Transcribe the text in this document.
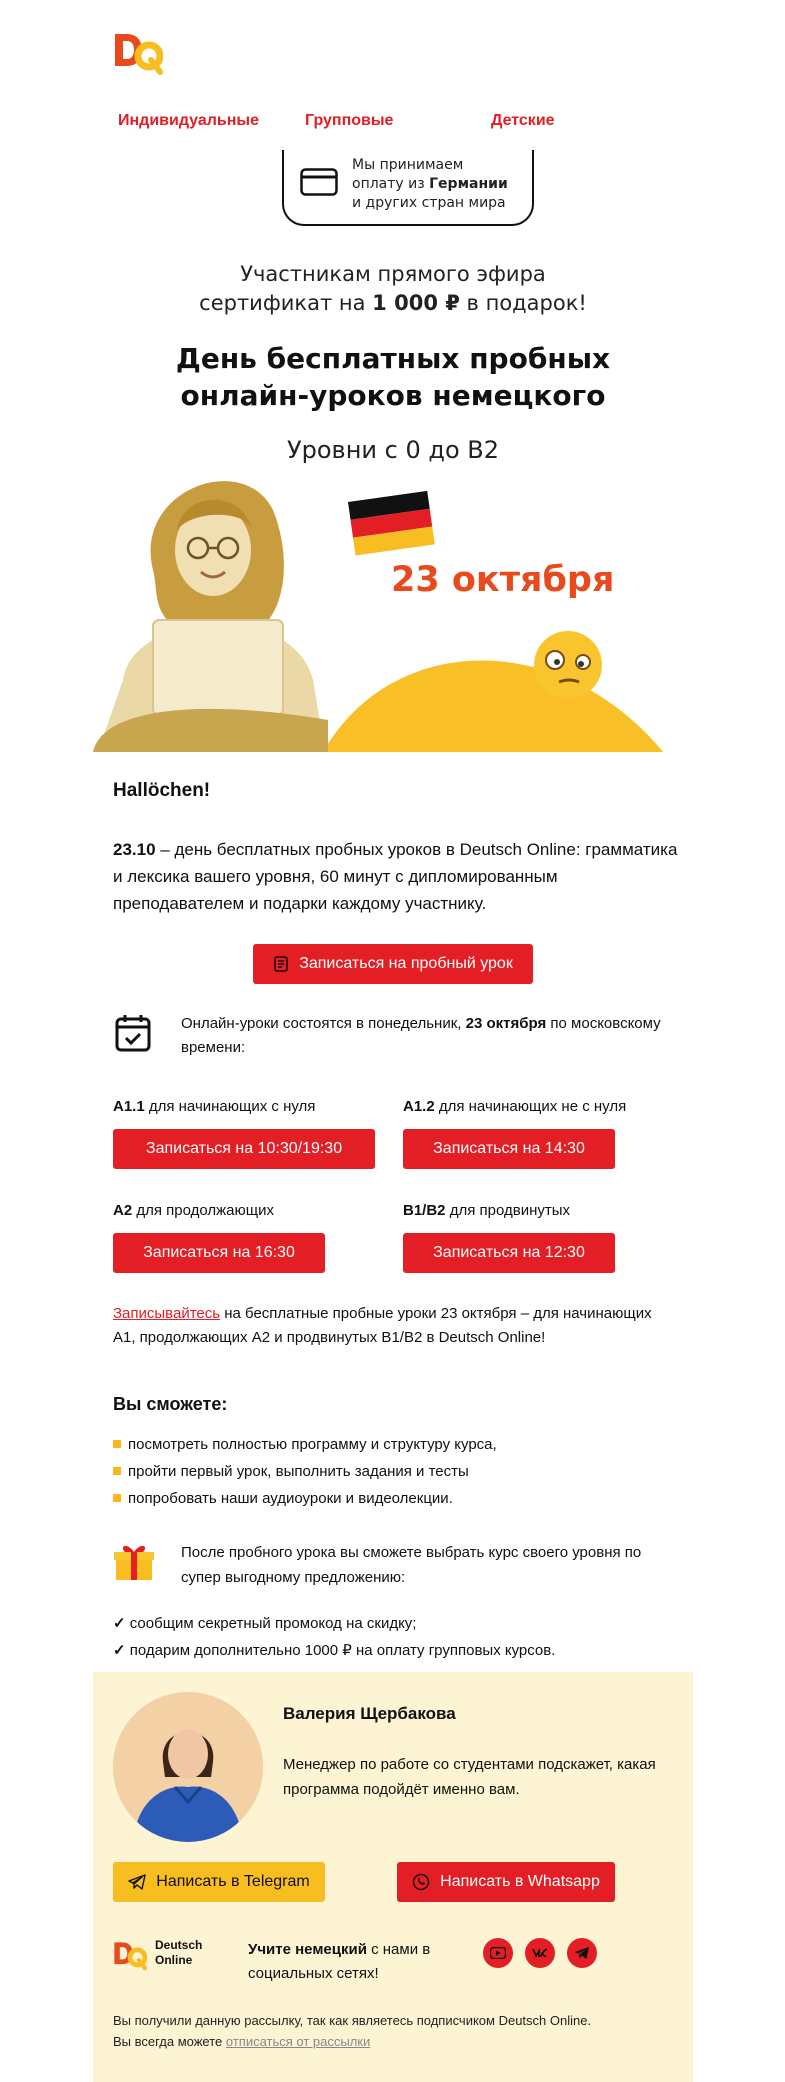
Индивидуальные	Групповые	Детские
Мы принимаем
оплату из Германии
и других стран мира
Участникам прямого эфира
сертификат на 1 000 ₽ в подарок!
День бесплатных пробных
онлайн-уроков немецкого
Уровни с 0 до B2
23 октября
Hallöchen!
23.10 – день бесплатных пробных уроков в Deutsch Online: грамматика и лексика вашего уровня, 60 минут с дипломированным преподавателем и подарки каждому участнику.
Записаться на пробный урок
Онлайн-уроки состоятся в понедельник, 23 октября по московскому времени:
A1.1 для начинающих с нуля
Записаться на 10:30/19:30
A1.2 для начинающих не с нуля
Записаться на 14:30
A2 для продолжающих
Записаться на 16:30
B1/B2 для продвинутых
Записаться на 12:30
Записывайтесь на бесплатные пробные уроки 23 октября – для начинающих A1, продолжающих A2 и продвинутых B1/B2 в Deutsch Online!
Вы сможете:
посмотреть полностью программу и структуру курса,
пройти первый урок, выполнить задания и тесты
попробовать наши аудиоуроки и видеолекции.
После пробного урока вы сможете выбрать курс своего уровня по супер выгодному предложению:
✓ сообщим секретный промокод на скидку;
✓ подарим дополнительно 1000 ₽ на оплату групповых курсов.
Валерия Щербакова
Менеджер по работе со студентами подскажет, какая программа подойдёт именно вам.
Написать в Telegram	Написать в Whatsapp
Deutsch
Online
Учите немецкий с нами в социальных сетях!
Вы получили данную рассылку, так как являетесь подписчиком Deutsch Online.
Вы всегда можете отписаться от рассылки
